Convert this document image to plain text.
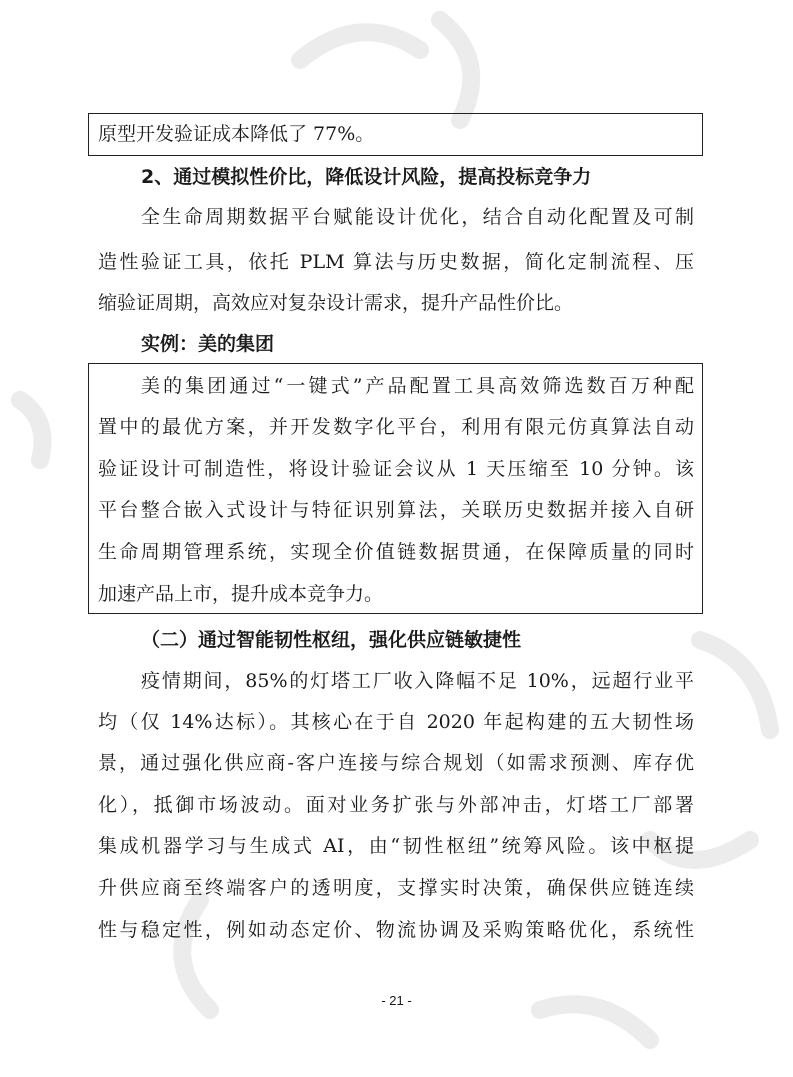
原型开发验证成本降低了 77%。
2、通过模拟性价比，降低设计风险，提高投标竞争力
全生命周期数据平台赋能设计优化，结合自动化配置及可制
造性验证工具，依托 PLM 算法与历史数据，简化定制流程、压
缩验证周期，高效应对复杂设计需求，提升产品性价比。
实例：美的集团
美的集团通过“一键式”产品配置工具高效筛选数百万种配
置中的最优方案，并开发数字化平台，利用有限元仿真算法自动
验证设计可制造性，将设计验证会议从 1 天压缩至 10 分钟。该
平台整合嵌入式设计与特征识别算法，关联历史数据并接入自研
生命周期管理系统，实现全价值链数据贯通，在保障质量的同时
加速产品上市，提升成本竞争力。
（二）通过智能韧性枢纽，强化供应链敏捷性
疫情期间，85%的灯塔工厂收入降幅不足 10%，远超行业平
均（仅 14%达标）。其核心在于自 2020 年起构建的五大韧性场
景，通过强化供应商-客户连接与综合规划（如需求预测、库存优
化），抵御市场波动。面对业务扩张与外部冲击，灯塔工厂部署
集成机器学习与生成式 AI，由“韧性枢纽”统筹风险。该中枢提
升供应商至终端客户的透明度，支撑实时决策，确保供应链连续
性与稳定性，例如动态定价、物流协调及采购策略优化，系统性
- 21 -
